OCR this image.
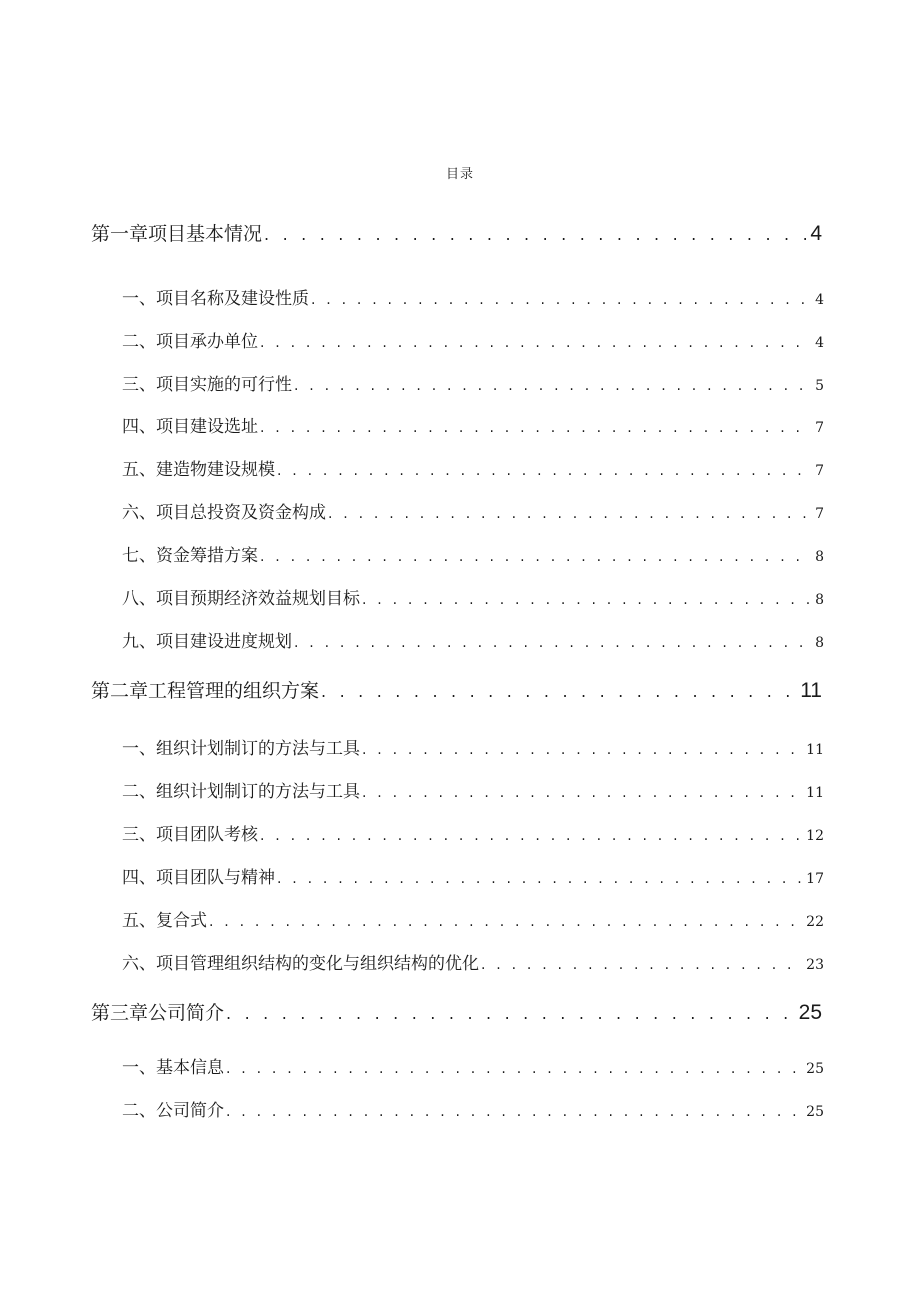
目录
第一章项目基本情况 . . .	4
一、项目名称及建设性质 . . .	4
二、项目承办单位 . . .	4
三、项目实施的可行性 . . .	5
四、项目建设选址 . . .	7
五、建造物建设规模 . . .	7
六、项目总投资及资金构成 . . .	7
七、资金筹措方案 . . .	8
八、项目预期经济效益规划目标 . . .	8
九、项目建设进度规划 . . .	8
第二章工程管理的组织方案 . . .	11
一、组织计划制订的方法与工具 . . .	11
二、组织计划制订的方法与工具 . . .	11
三、项目团队考核 . . .	12
四、项目团队与精神 . . .	17
五、复合式 . . .	22
六、项目管理组织结构的变化与组织结构的优化 . . .	23
第三章公司简介 . . .	25
一、基本信息 . . .	25
二、公司简介 . . .	25
